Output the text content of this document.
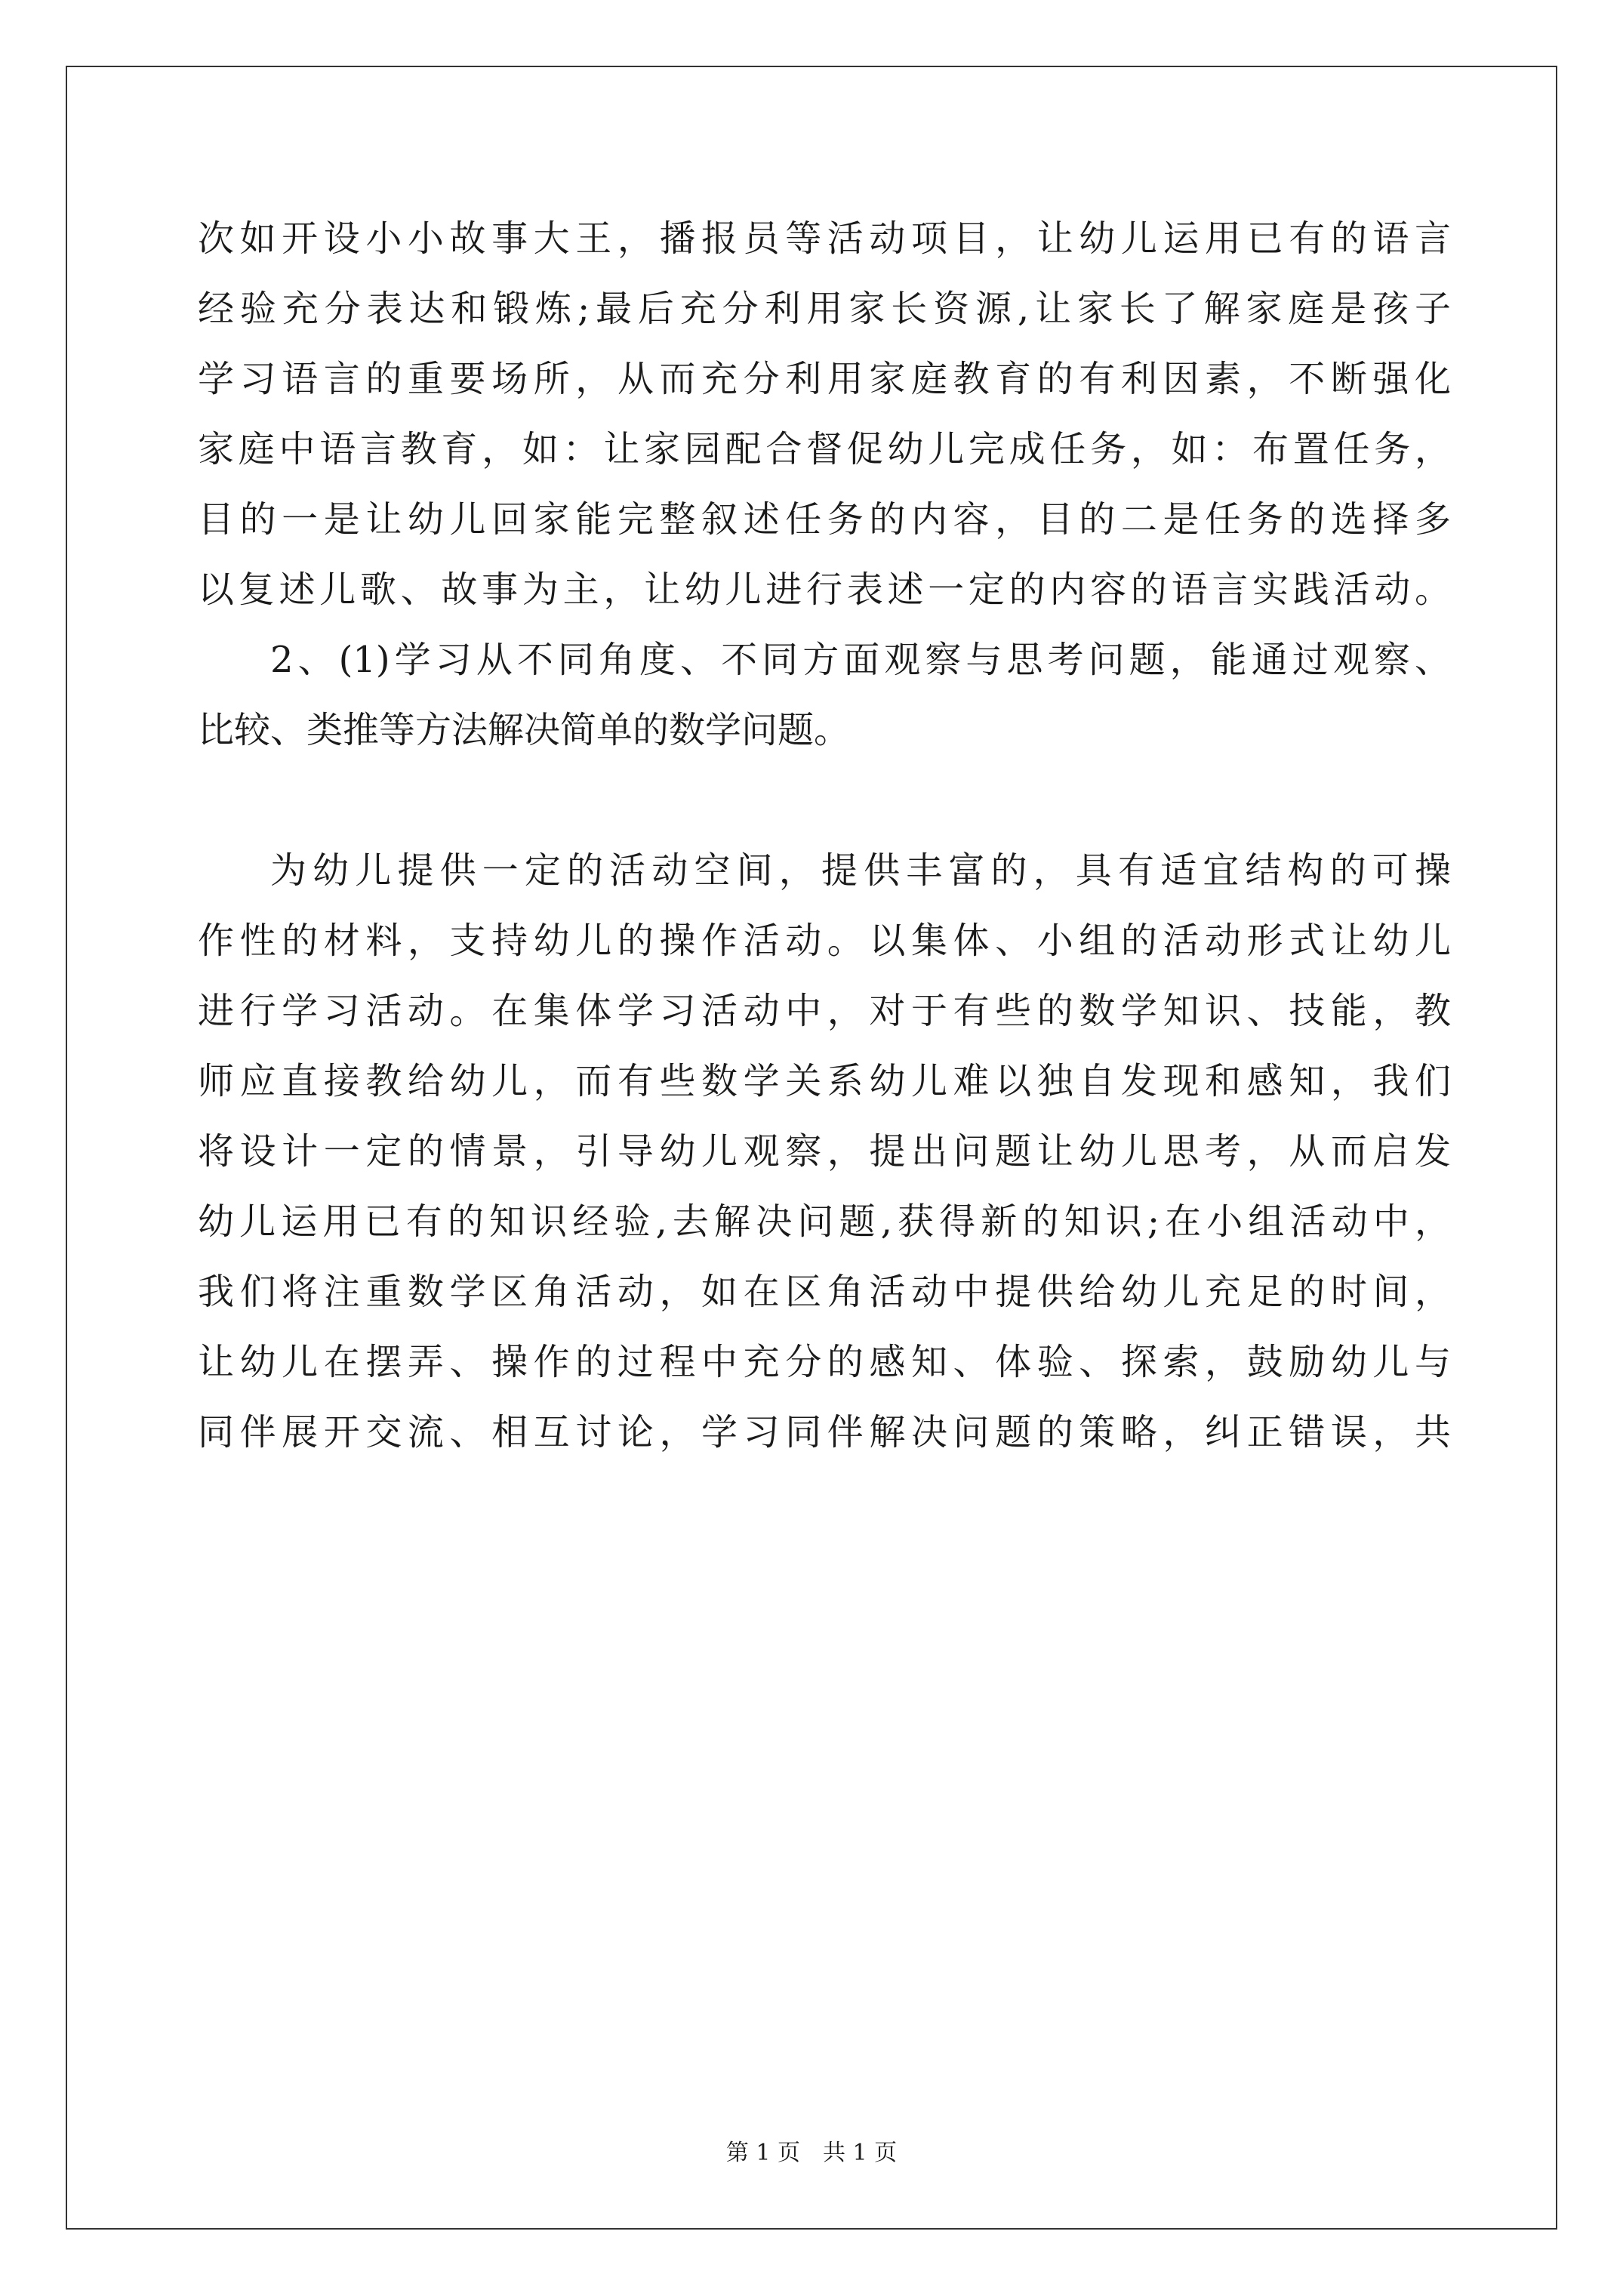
次如开设小小故事大王，播报员等活动项目，让幼儿运用已有的语言
经验充分表达和锻炼;最后充分利用家长资源,让家长了解家庭是孩子
学习语言的重要场所，从而充分利用家庭教育的有利因素，不断强化
家庭中语言教育，如：让家园配合督促幼儿完成任务，如：布置任务，
目的一是让幼儿回家能完整叙述任务的内容，目的二是任务的选择多
以复述儿歌、故事为主，让幼儿进行表述一定的内容的语言实践活动。
2、(1)学习从不同角度、不同方面观察与思考问题，能通过观察、
比较、类推等方法解决简单的数学问题。
为幼儿提供一定的活动空间，提供丰富的，具有适宜结构的可操
作性的材料，支持幼儿的操作活动。以集体、小组的活动形式让幼儿
进行学习活动。在集体学习活动中，对于有些的数学知识、技能，教
师应直接教给幼儿，而有些数学关系幼儿难以独自发现和感知，我们
将设计一定的情景，引导幼儿观察，提出问题让幼儿思考，从而启发
幼儿运用已有的知识经验,去解决问题,获得新的知识;在小组活动中，
我们将注重数学区角活动，如在区角活动中提供给幼儿充足的时间，
让幼儿在摆弄、操作的过程中充分的感知、体验、探索，鼓励幼儿与
同伴展开交流、相互讨论，学习同伴解决问题的策略，纠正错误，共
第 1 页　共 1 页
